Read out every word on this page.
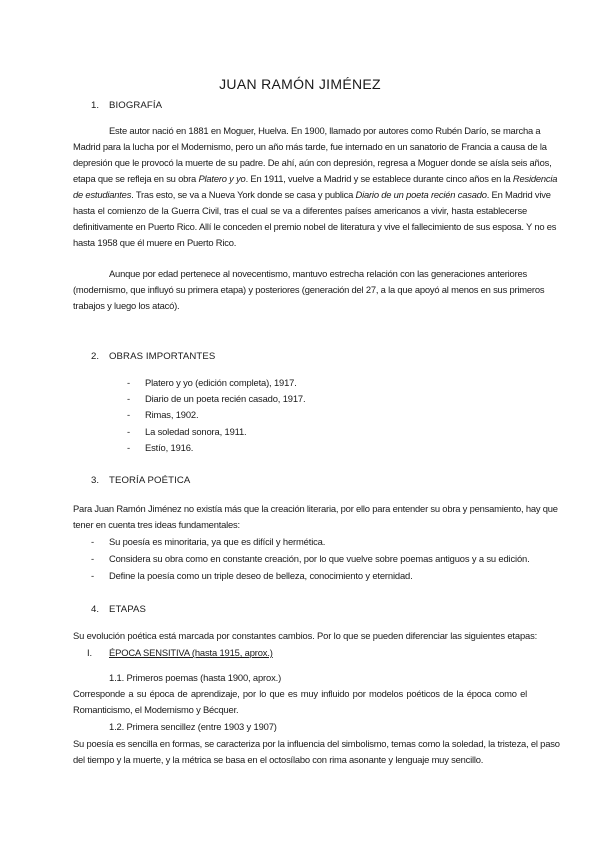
JUAN RAMÓN JIMÉNEZ
1. BIOGRAFÍA
Este autor nació en 1881 en Moguer, Huelva. En 1900, llamado por autores como Rubén Darío, se marcha a
Madrid para la lucha por el Modernismo, pero un año más tarde, fue internado en un sanatorio de Francia a causa de la
depresión que le provocó la muerte de su padre. De ahí, aún con depresión, regresa a Moguer donde se aísla seis años,
etapa que se refleja en su obra Platero y yo. En 1911, vuelve a Madrid y se establece durante cinco años en la Residencia
de estudiantes. Tras esto, se va a Nueva York donde se casa y publica Diario de un poeta recién casado. En Madrid vive
hasta el comienzo de la Guerra Civil, tras el cual se va a diferentes países americanos a vivir, hasta establecerse
definitivamente en Puerto Rico. Allí le conceden el premio nobel de literatura y vive el fallecimiento de sus esposa. Y no es
hasta 1958 que él muere en Puerto Rico.
Aunque por edad pertenece al novecentismo, mantuvo estrecha relación con las generaciones anteriores
(modernismo, que influyó su primera etapa) y posteriores (generación del 27, a la que apoyó al menos en sus primeros
trabajos y luego los atacó).
2. OBRAS IMPORTANTES
- Platero y yo (edición completa), 1917.
- Diario de un poeta recién casado, 1917.
- Rimas, 1902.
- La soledad sonora, 1911.
- Estío, 1916.
3. TEORÍA POÉTICA
Para Juan Ramón Jiménez no existía más que la creación literaria, por ello para entender su obra y pensamiento, hay que
tener en cuenta tres ideas fundamentales:
- Su poesía es minoritaria, ya que es difícil y hermética.
- Considera su obra como en constante creación, por lo que vuelve sobre poemas antiguos y a su edición.
- Define la poesía como un triple deseo de belleza, conocimiento y eternidad.
4. ETAPAS
Su evolución poética está marcada por constantes cambios. Por lo que se pueden diferenciar las siguientes etapas:
I. ÉPOCA SENSITIVA (hasta 1915, aprox.)
1.1. Primeros poemas (hasta 1900, aprox.)
Corresponde a su época de aprendizaje, por lo que es muy influido por modelos poéticos de la época como el
Romanticismo, el Modernismo y Bécquer.
1.2. Primera sencillez (entre 1903 y 1907)
Su poesía es sencilla en formas, se caracteriza por la influencia del simbolismo, temas como la soledad, la tristeza, el paso
del tiempo y la muerte, y la métrica se basa en el octosílabo con rima asonante y lenguaje muy sencillo.
